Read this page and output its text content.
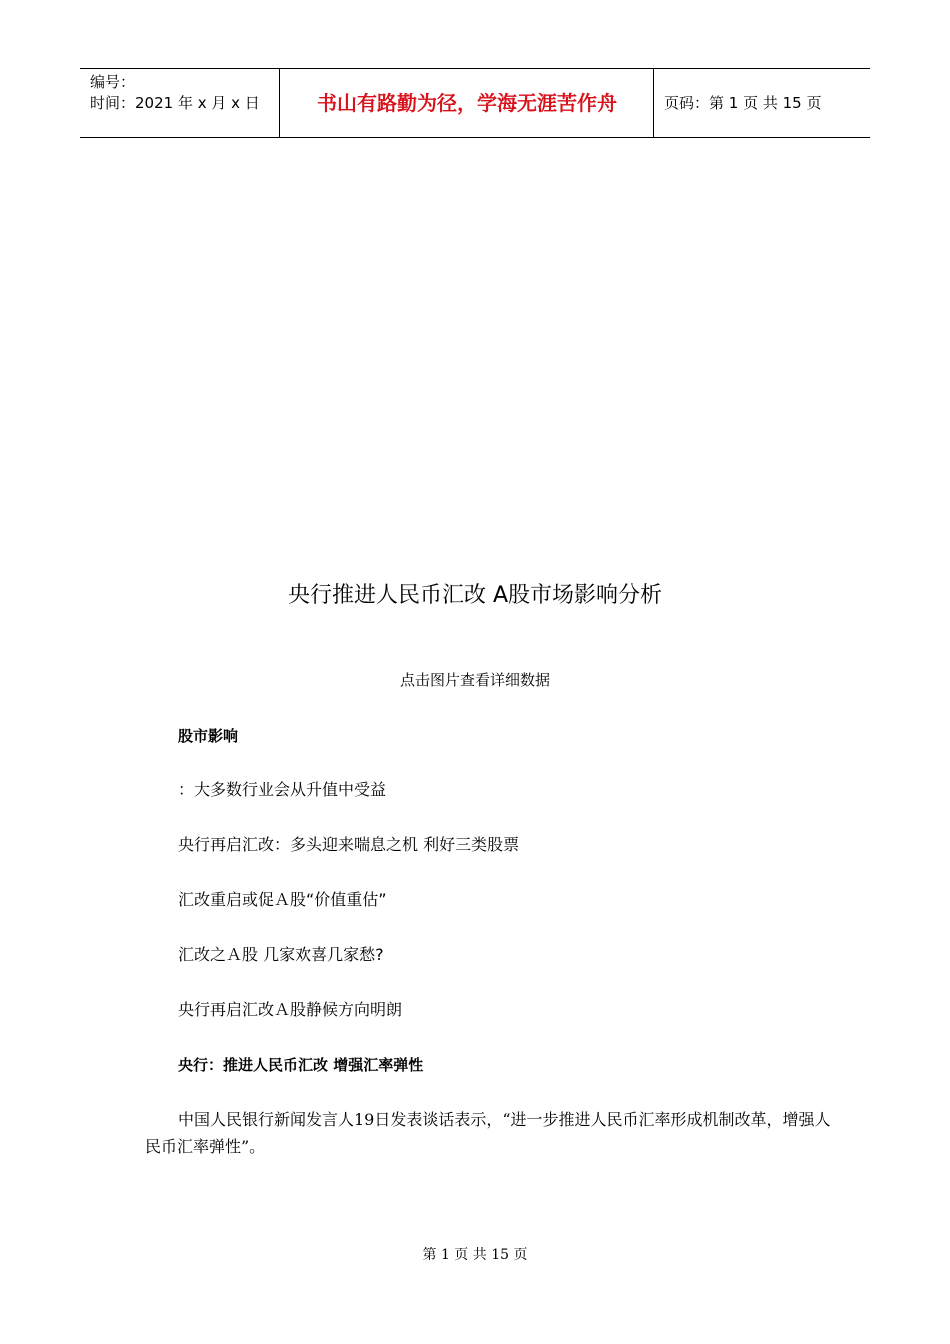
编号：
时间：2021 年 x 月 x 日	书山有路勤为径，学海无涯苦作舟	页码：第 1 页 共 15 页
央行推进人民币汇改 A股市场影响分析
点击图片查看详细数据
股市影响
：大多数行业会从升值中受益
央行再启汇改：多头迎来喘息之机 利好三类股票
汇改重启或促Ａ股“价值重估”
汇改之Ａ股 几家欢喜几家愁?
央行再启汇改Ａ股静候方向明朗
央行：推进人民币汇改 增强汇率弹性
中国人民银行新闻发言人19日发表谈话表示，“进一步推进人民币汇率形成机制改革，增强人民币汇率弹性”。
第 1 页 共 15 页
